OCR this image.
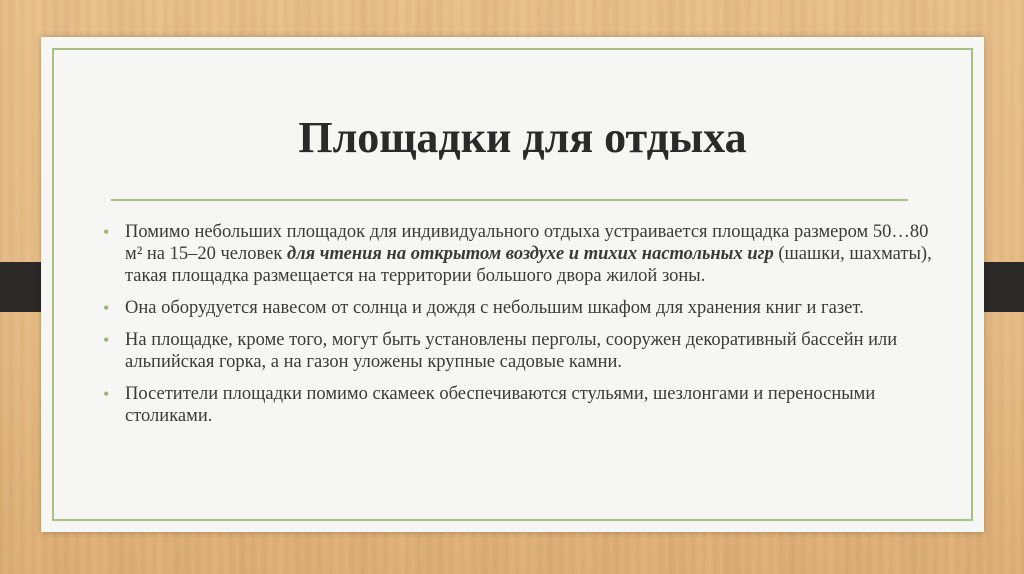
Площадки для отдыха
• Помимо небольших площадок для индивидуального отдыха устраивается площадка размером 50…80 м² на 15–20 человек для чтения на открытом воздухе и тихих настольных игр (шашки, шахматы), такая площадка размещается на территории большого двора жилой зоны.
• Она оборудуется навесом от солнца и дождя с небольшим шкафом для хранения книг и газет.
• На площадке, кроме того, могут быть установлены перголы, сооружен декоративный бассейн или альпийская горка, а на газон уложены крупные садовые камни.
• Посетители площадки помимо скамеек обеспечиваются стульями, шезлонгами и переносными столиками.
